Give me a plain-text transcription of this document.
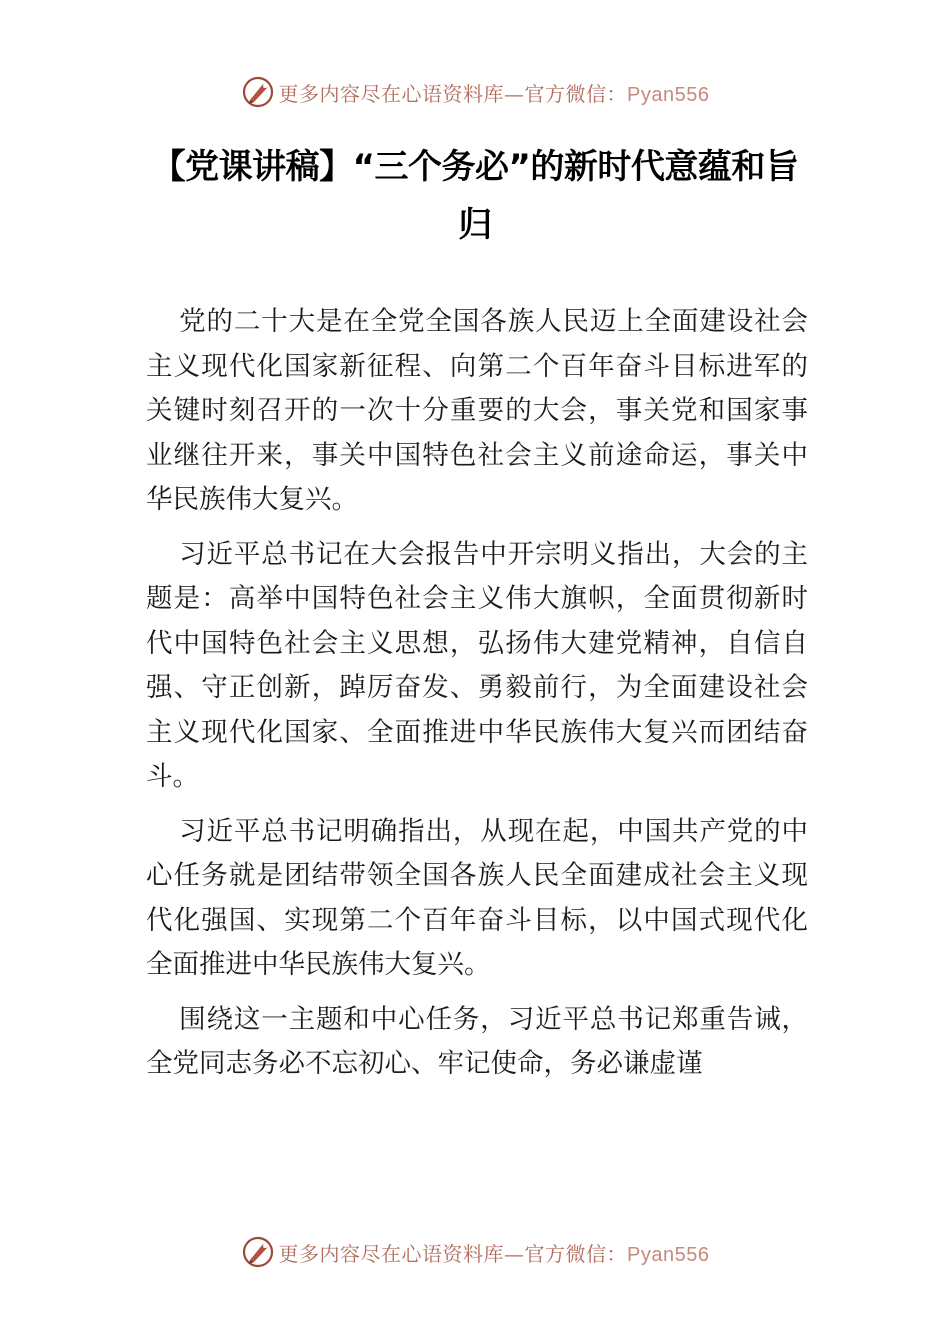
更多内容尽在心语资料库—官方微信：Pyan556
【党课讲稿】“三个务必”的新时代意蕴和旨归

党的二十大是在全党全国各族人民迈上全面建设社会主义现代化国家新征程、向第二个百年奋斗目标进军的关键时刻召开的一次十分重要的大会，事关党和国家事业继往开来，事关中国特色社会主义前途命运，事关中华民族伟大复兴。

习近平总书记在大会报告中开宗明义指出，大会的主题是：高举中国特色社会主义伟大旗帜，全面贯彻新时代中国特色社会主义思想，弘扬伟大建党精神，自信自强、守正创新，踔厉奋发、勇毅前行，为全面建设社会主义现代化国家、全面推进中华民族伟大复兴而团结奋斗。

习近平总书记明确指出，从现在起，中国共产党的中心任务就是团结带领全国各族人民全面建成社会主义现代化强国、实现第二个百年奋斗目标，以中国式现代化全面推进中华民族伟大复兴。

围绕这一主题和中心任务，习近平总书记郑重告诫，全党同志务必不忘初心、牢记使命，务必谦虚谨

更多内容尽在心语资料库—官方微信：Pyan556
